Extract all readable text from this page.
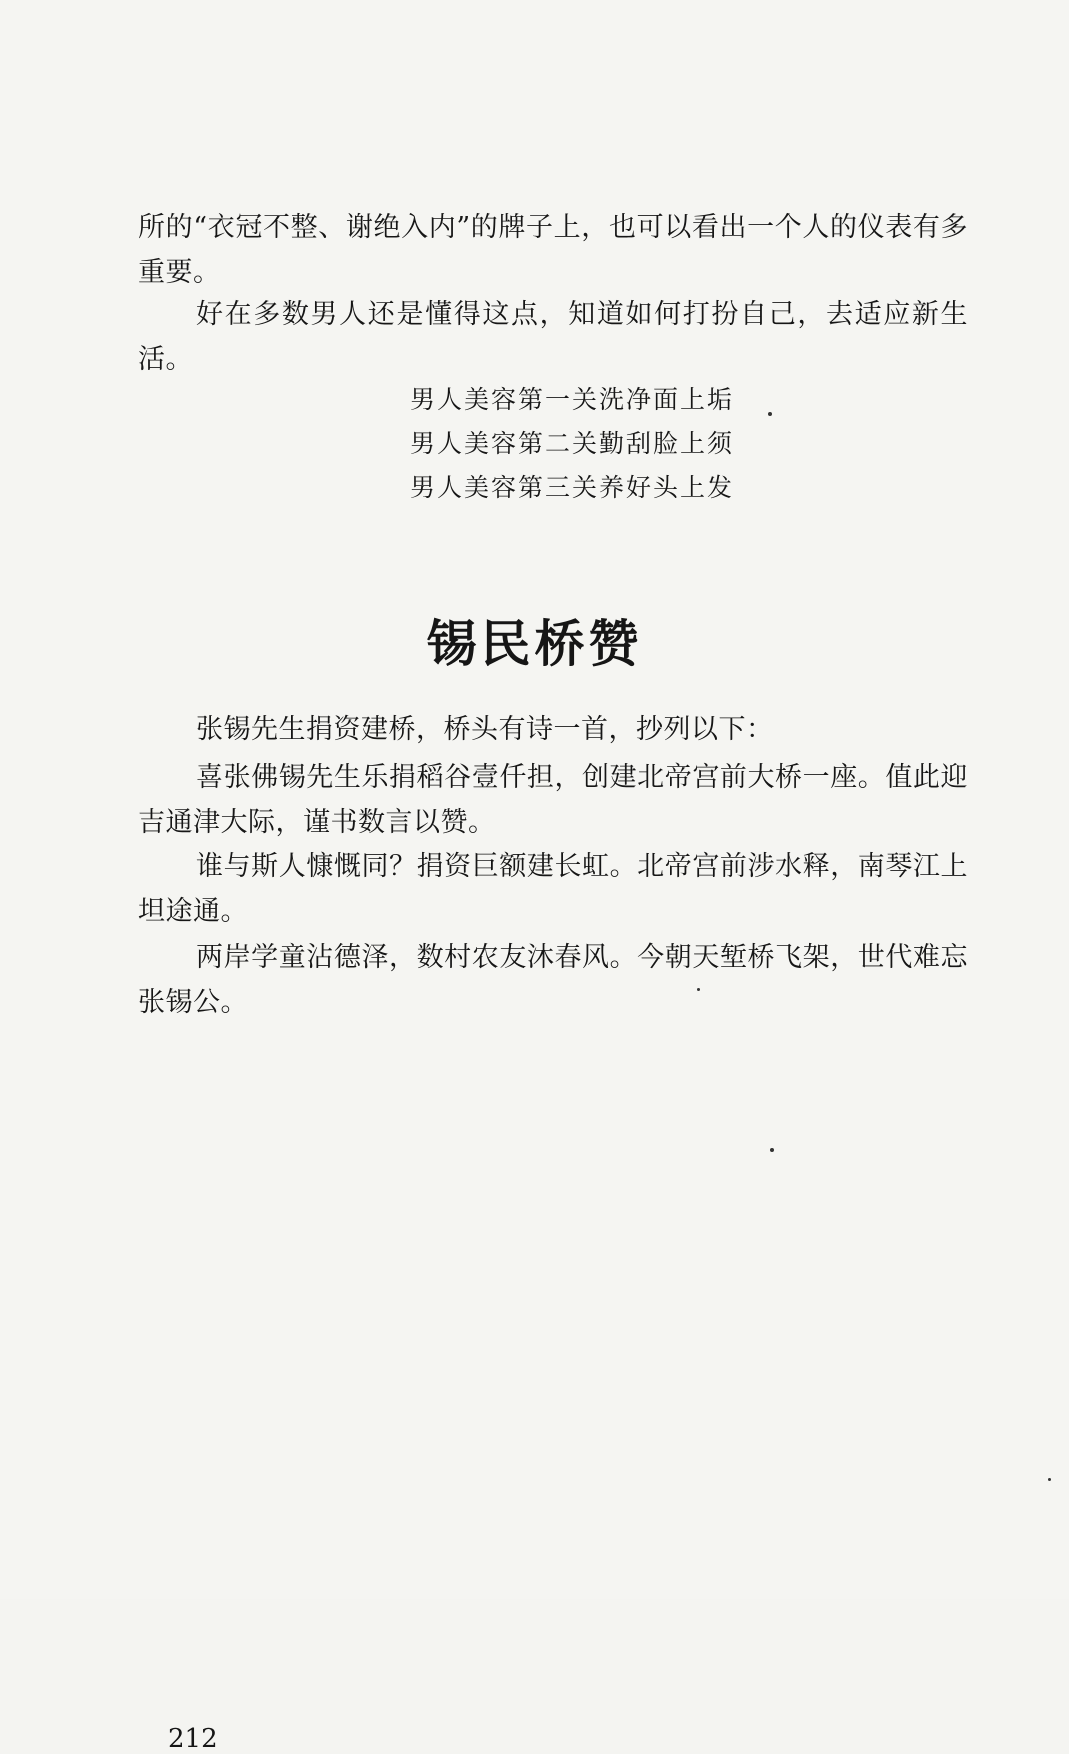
所的“衣冠不整、谢绝入内”的牌子上，也可以看出一个人的仪表有多重要。

好在多数男人还是懂得这点，知道如何打扮自己，去适应新生活。

男人美容第一关洗净面上垢
男人美容第二关勤刮脸上须
男人美容第三关养好头上发
锡民桥赞

张锡先生捐资建桥，桥头有诗一首，抄列以下：

喜张佛锡先生乐捐稻谷壹仟担，创建北帝宫前大桥一座。值此迎吉通津大际，谨书数言以赞。

谁与斯人慷慨同？捐资巨额建长虹。北帝宫前涉水释，南琴江上坦途通。

两岸学童沾德泽，数村农友沐春风。今朝天堑桥飞架，世代难忘张锡公。

212
